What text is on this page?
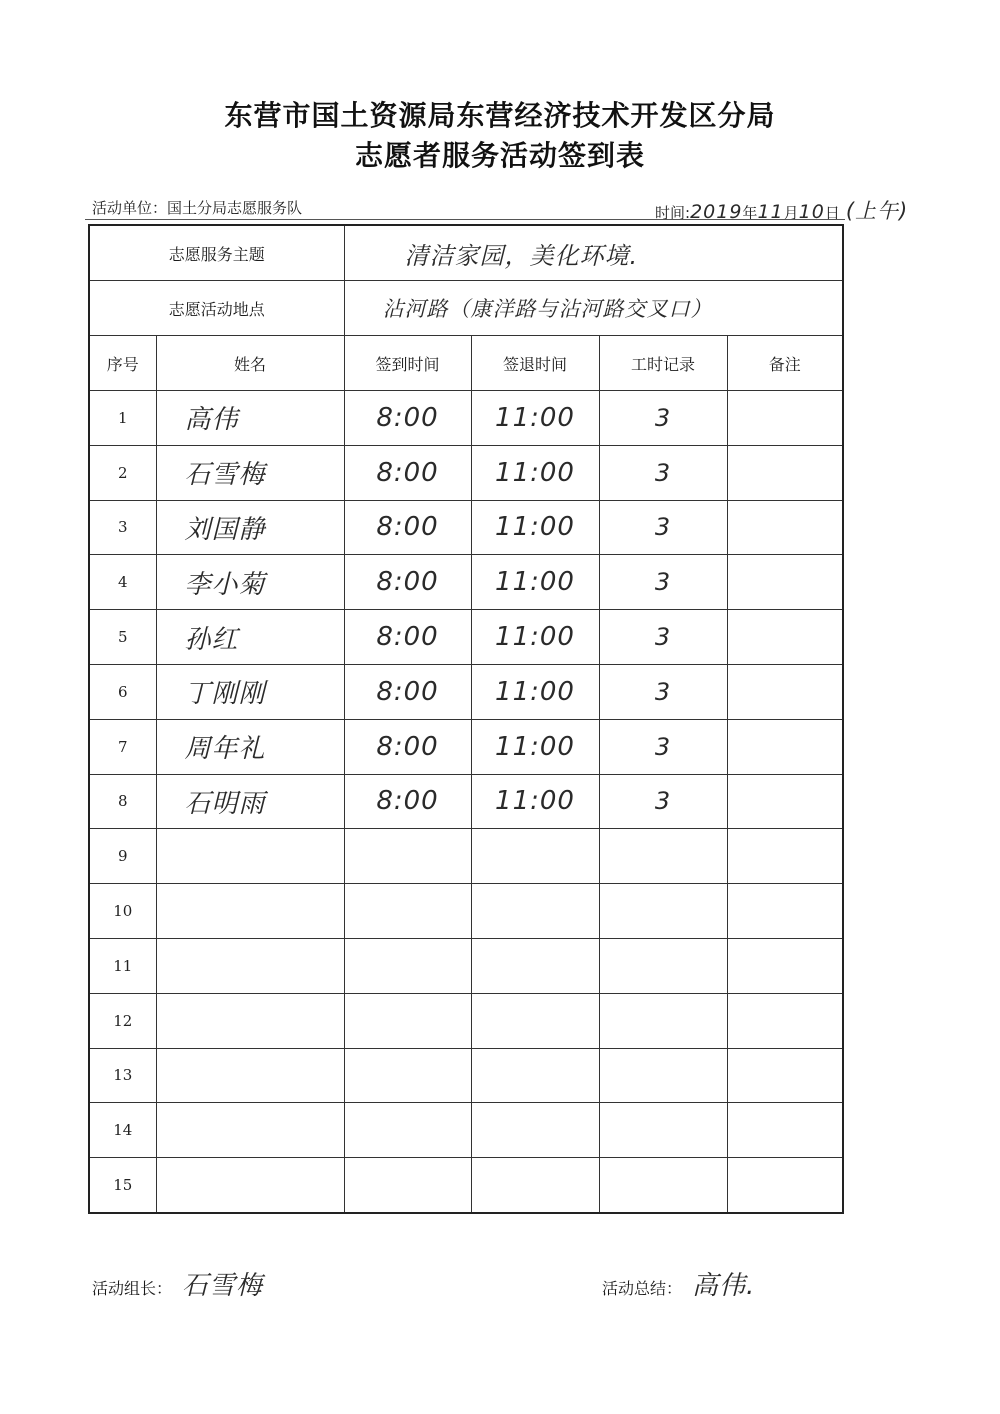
东营市国土资源局东营经济技术开发区分局
志愿者服务活动签到表
活动单位：国土分局志愿服务队	时间:2019年11月10日 (上午)
志愿服务主题		清洁家园，美化环境.			
志愿活动地点		沾河路（康洋路与沾河路交叉口）			
序号	姓名	签到时间	签退时间	工时记录	备注
1	高伟	8:00	11:00	3	
2	石雪梅	8:00	11:00	3	
3	刘国静	8:00	11:00	3	
4	李小菊	8:00	11:00	3	
5	孙红	8:00	11:00	3	
6	丁刚刚	8:00	11:00	3	
7	周年礼	8:00	11:00	3	
8	石明雨	8:00	11:00	3	
9					
10					
11					
12					
13					
14					
15					
活动组长： 石雪梅	活动总结： 高伟.
